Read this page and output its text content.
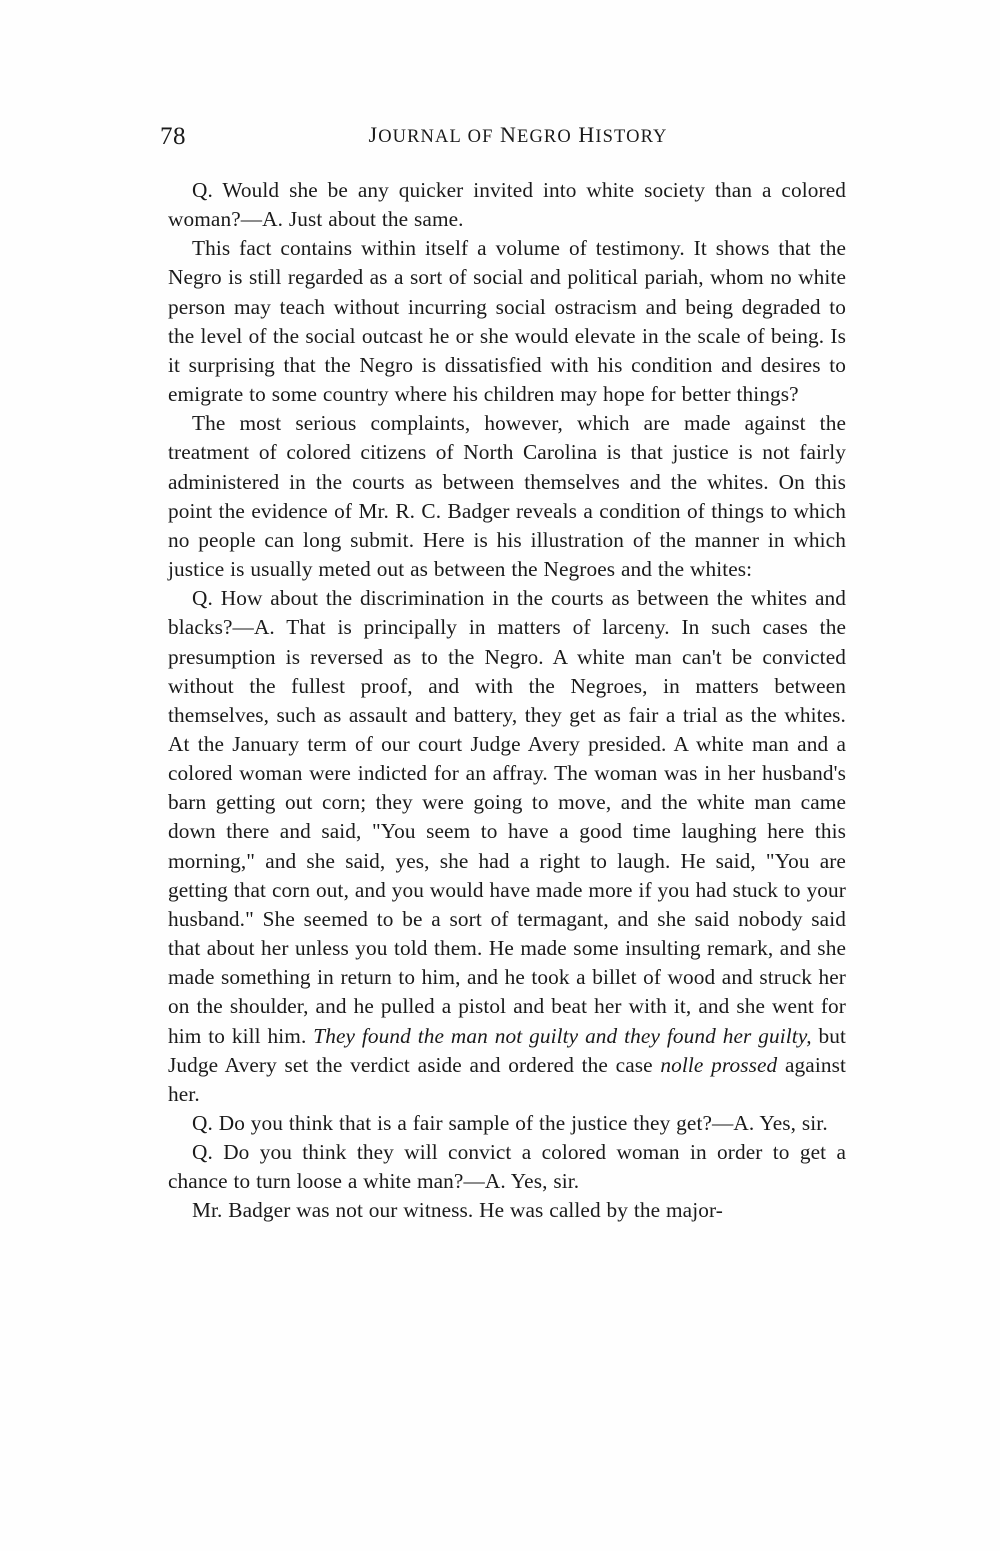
78	JOURNAL OF NEGRO HISTORY

Q. Would she be any quicker invited into white society than a colored woman?—A. Just about the same.

This fact contains within itself a volume of testimony. It shows that the Negro is still regarded as a sort of social and political pariah, whom no white person may teach without incurring social ostracism and being degraded to the level of the social outcast he or she would elevate in the scale of being. Is it surprising that the Negro is dissatisfied with his condition and desires to emigrate to some country where his children may hope for better things?

The most serious complaints, however, which are made against the treatment of colored citizens of North Carolina is that justice is not fairly administered in the courts as between themselves and the whites. On this point the evidence of Mr. R. C. Badger reveals a condition of things to which no people can long submit. Here is his illustration of the manner in which justice is usually meted out as between the Negroes and the whites:

Q. How about the discrimination in the courts as between the whites and blacks?—A. That is principally in matters of larceny. In such cases the presumption is reversed as to the Negro. A white man can't be convicted without the fullest proof, and with the Negroes, in matters between themselves, such as assault and battery, they get as fair a trial as the whites. At the January term of our court Judge Avery presided. A white man and a colored woman were indicted for an affray. The woman was in her husband's barn getting out corn; they were going to move, and the white man came down there and said, "You seem to have a good time laughing here this morning," and she said, yes, she had a right to laugh. He said, "You are getting that corn out, and you would have made more if you had stuck to your husband." She seemed to be a sort of termagant, and she said nobody said that about her unless you told them. He made some insulting remark, and she made something in return to him, and he took a billet of wood and struck her on the shoulder, and he pulled a pistol and beat her with it, and she went for him to kill him. They found the man not guilty and they found her guilty, but Judge Avery set the verdict aside and ordered the case nolle prossed against her.

Q. Do you think that is a fair sample of the justice they get?—A. Yes, sir.

Q. Do you think they will convict a colored woman in order to get a chance to turn loose a white man?—A. Yes, sir.

Mr. Badger was not our witness. He was called by the major-
